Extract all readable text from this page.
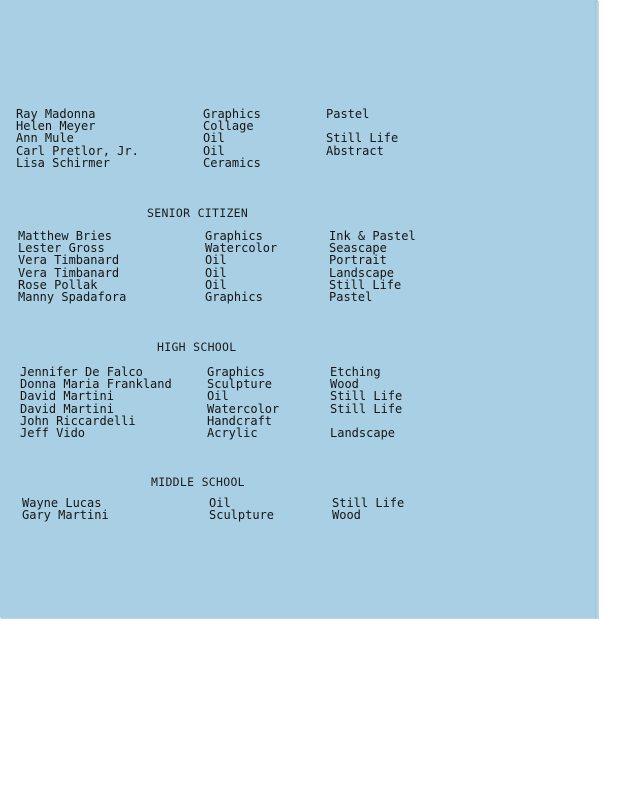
Ray Madonna	Graphics	Pastel
Helen Meyer	Collage
Ann Mule	Oil	Still Life
Carl Pretlor, Jr.	Oil	Abstract
Lisa Schirmer	Ceramics
SENIOR CITIZEN
Matthew Bries	Graphics	Ink & Pastel
Lester Gross	Watercolor	Seascape
Vera Timbanard	Oil	Portrait
Vera Timbanard	Oil	Landscape
Rose Pollak	Oil	Still Life
Manny Spadafora	Graphics	Pastel
HIGH SCHOOL
Jennifer De Falco	Graphics	Etching
Donna Maria Frankland	Sculpture	Wood
David Martini	Oil	Still Life
David Martini	Watercolor	Still Life
John Riccardelli	Handcraft
Jeff Vido	Acrylic	Landscape
MIDDLE SCHOOL
Wayne Lucas	Oil	Still Life
Gary Martini	Sculpture	Wood
